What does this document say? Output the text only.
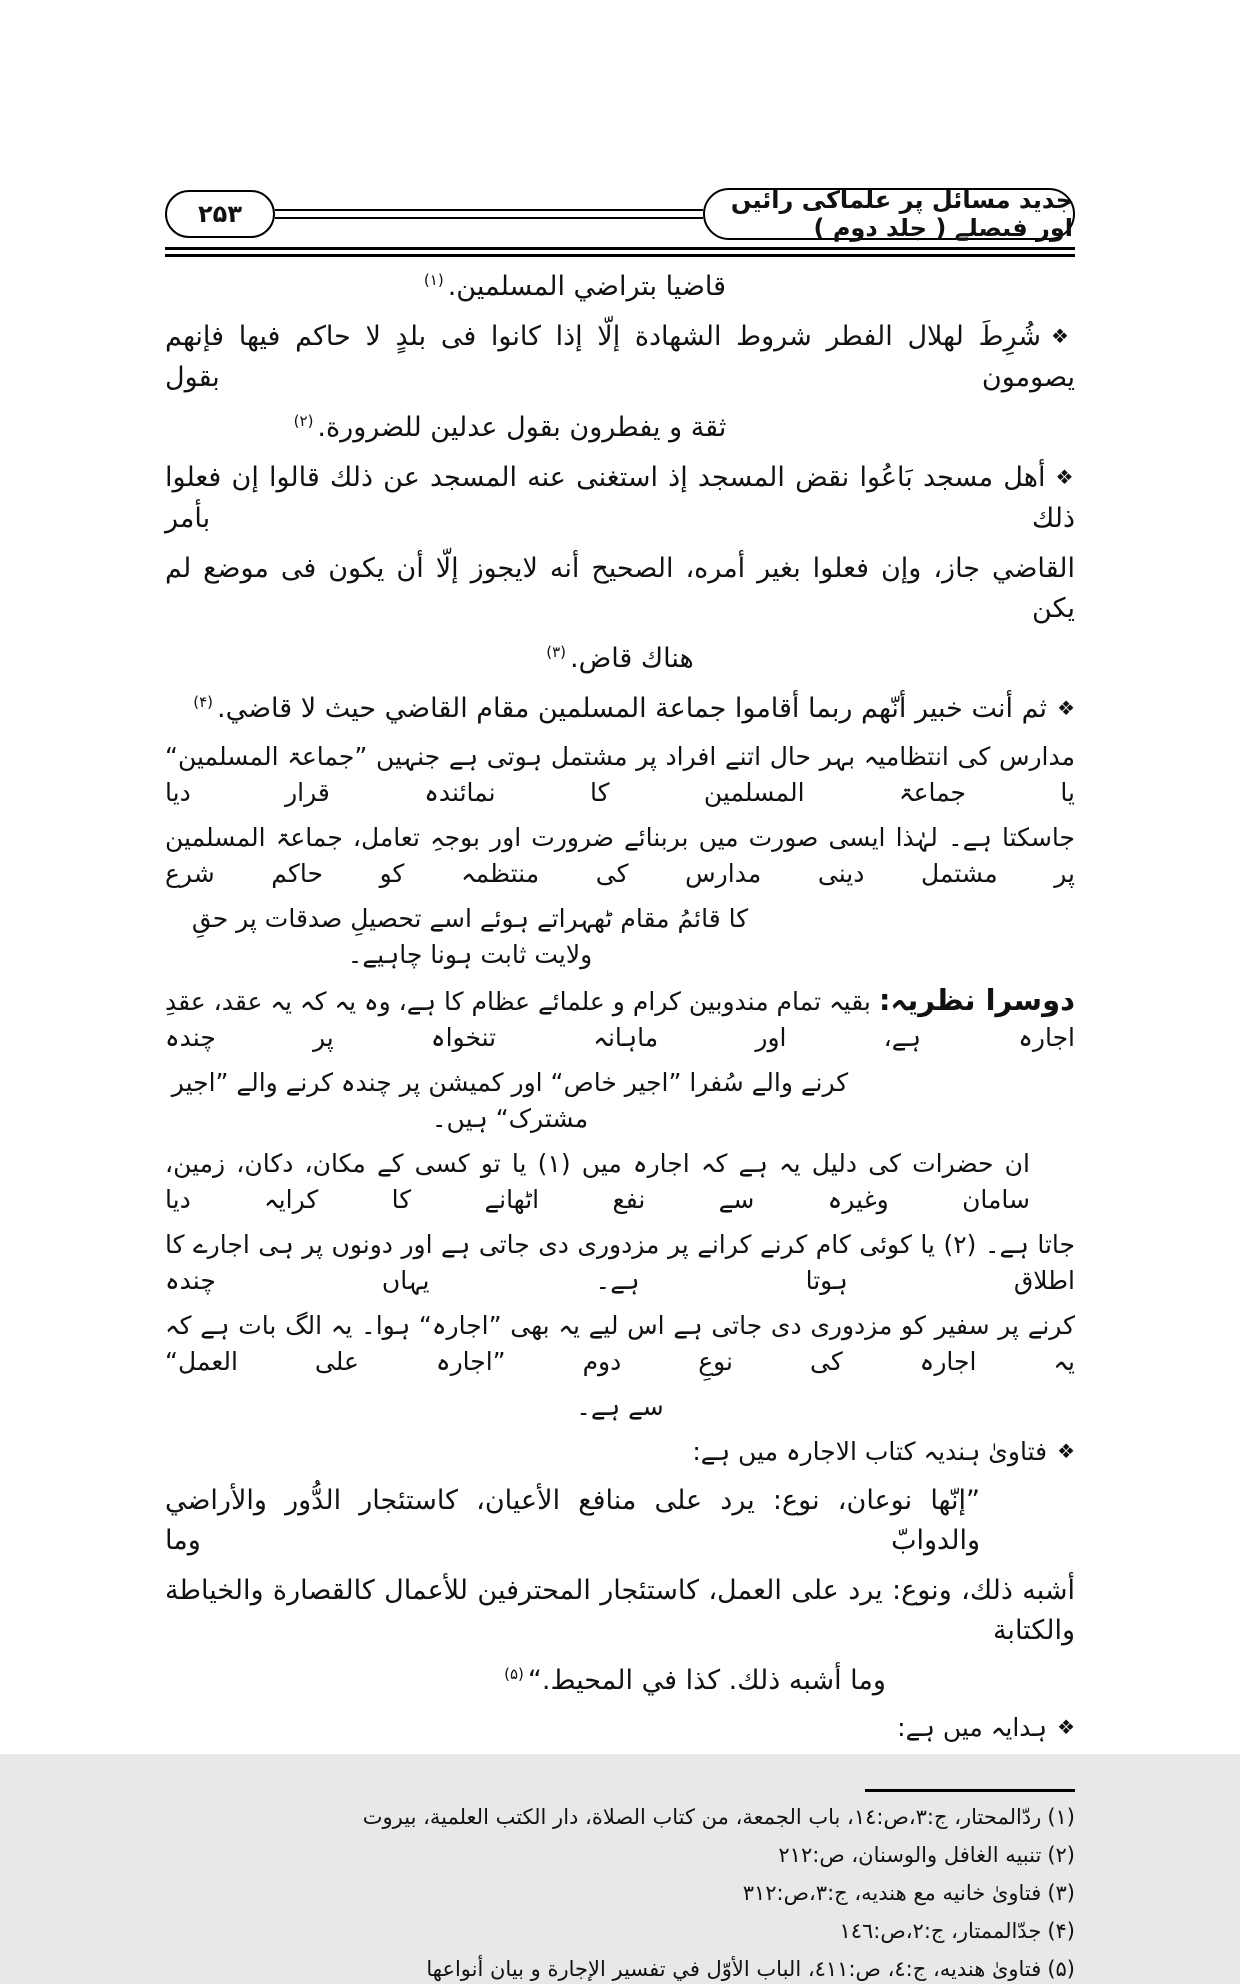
جدید مسائل پر علماکی رائیں اور فیصلے ( جلد دوم )
۲۵۳
قاضیا بتراضي المسلمین.$^{(۱)}$
❖شُرِطَ لهلال الفطر شروط الشهادة إلّا إذا كانوا فى بلدٍ لا حاكم فیها فإنهم یصومون بقول
ثقة و یفطرون بقول عدلین للضرورة.$^{(۲)}$
❖أهل مسجد بَاعُوا نقض المسجد إذ استغنى عنه المسجد عن ذلك قالوا إن فعلوا ذلك بأمر
القاضي جاز، وإن فعلوا بغیر أمره، الصحیح أنه لایجوز إلّا أن یكون فى موضع لم یكن
هناك قاض.$^{(۳)}$
❖ثم أنت خبیر أنّهم ربما أقاموا جماعة المسلمین مقام القاضي حیث لا قاضي.$^{(۴)}$
مدارس کی انتظامیہ بہر حال اتنے افراد پر مشتمل ہوتی ہے جنہیں ”جماعۃ المسلمین“ یا جماعۃ المسلمین کا نمائندہ قرار دیا
جاسکتا ہے۔ لہٰذا ایسی صورت میں بربنائے ضرورت اور بوجہِ تعامل، جماعۃ المسلمین پر مشتمل دینی مدارس کی منتظمہ کو حاکم شرع
کا قائمُ مقام ٹھہراتے ہوئے اسے تحصیلِ صدقات پر حقِ ولایت ثابت ہونا چاہیے۔
دوسرا نظریہ:بقیہ تمام مندوبین کرام و علمائے عظام کا ہے، وہ یہ کہ یہ عقد، عقدِ اجارہ ہے، اور ماہانہ تنخواہ پر چندہ
کرنے والے سُفرا ”اجیر خاص“ اور کمیشن پر چندہ کرنے والے ”اجیر مشترک“ ہیں۔
ان حضرات کی دلیل یہ ہے کہ اجارہ میں (۱) یا تو کسی کے مکان، دکان، زمین، سامان وغیرہ سے نفع اٹھانے کا کرایہ دیا
جاتا ہے۔ (۲) یا کوئی کام کرنے کرانے پر مزدوری دی جاتی ہے اور دونوں پر ہی اجارے کا اطلاق ہوتا ہے۔ یہاں چندہ
کرنے پر سفیر کو مزدوری دی جاتی ہے اس لیے یہ بھی ”اجارہ“ ہوا۔ یہ الگ بات ہے کہ یہ اجارہ کی نوعِ دوم ”اجارہ علی العمل“
سے ہے۔
❖فتاویٰ ہندیہ کتاب الاجارہ میں ہے:
”إنّها نوعان، نوع: یرد على منافع الأعیان، كاستئجار الدُّور والأراضي والدوابّ وما
أشبه ذلك، ونوع: یرد على العمل، كاستئجار المحترفین للأعمال كالقصارة والخیاطة والكتابة
وما أشبه ذلك. كذا في المحیط.“$^{(۵)}$
❖ہدایہ میں ہے:
(۱)ردّالمحتار، ج:٣،ص:١٤، باب الجمعة، من كتاب الصلاة، دار الكتب العلمیة، بیروت
(۲)تنبیه الغافل والوسنان، ص:٢١٢
(۳)فتاویٰ خانیه مع هندیه، ج:٣،ص:٣١٢
(۴)جدّالممتار، ج:٢،ص:١٤٦
(۵)فتاویٰ هندیه، ج:٤، ص:٤١١، الباب الأوّل في تفسیر الإجارة و بیان أنواعها
